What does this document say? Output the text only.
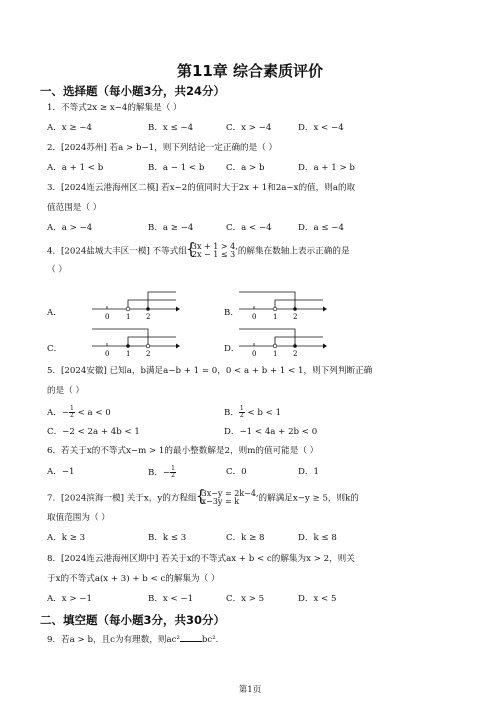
第11章 综合素质评价
一、选择题（每小题3分，共24分）
1．不等式2x ≥ x−4的解集是（ ）
A．x ≥ −4	B．x ≤ −4	C．x > −4	D．x < −4
2．[2024苏州] 若a > b−1，则下列结论一定正确的是（ ）
A．a + 1 < b	B．a − 1 < b	C．a > b	D．a + 1 > b
3．[2024连云港海州区二模] 若x−2的值同时大于2x + 1和2a−x的值，则a的取
值范围是（ ）
A．a > −4	B．a ≥ −4	C．a < −4	D．a ≤ −4
4．[2024盐城大丰区一模] 不等式组 { 3x + 1 > 4,
2x − 1 ≤ 3 的解集在数轴上表示正确的是
（ ）
A．	B．
C．	D．
0 1 2	0 1 2
0 1 2	0 1 2
5．[2024安徽] 已知a，b满足a−b + 1 = 0，0 < a + b + 1 < 1，则下列判断正确
的是（ ）
A．− $\frac{1}{2} < a < 0$	B． $\frac{1}{2} < b < 1$
C．−2 < 2a + 4b < 1	D．−1 < 4a + 2b < 0
6．若关于x的不等式x−m > 1的最小整数解是2，则m的值可能是（ ）
A．−1	B．− $\frac{1}{2}$	C．0	D．1
7．[2024滨海一模] 关于x，y的方程组 { 3x−y = 2k−4,
x−3y = k	的解满足x−y ≥ 5，则k的
取值范围为（ ）
A．k ≥ 3	B．k ≤ 3	C．k ≥ 8	D．k ≤ 8
8．[2024连云港海州区期中] 若关于x的不等式ax + b < c的解集为x > 2，则关
于x的不等式a(x + 3) + b < c的解集为（ ）
A．x > −1	B．x < −1	C．x > 5	D．x < 5
二、填空题（每小题3分，共30分）
9．若a > b，且c为有理数，则ac²	bc².
第1页
